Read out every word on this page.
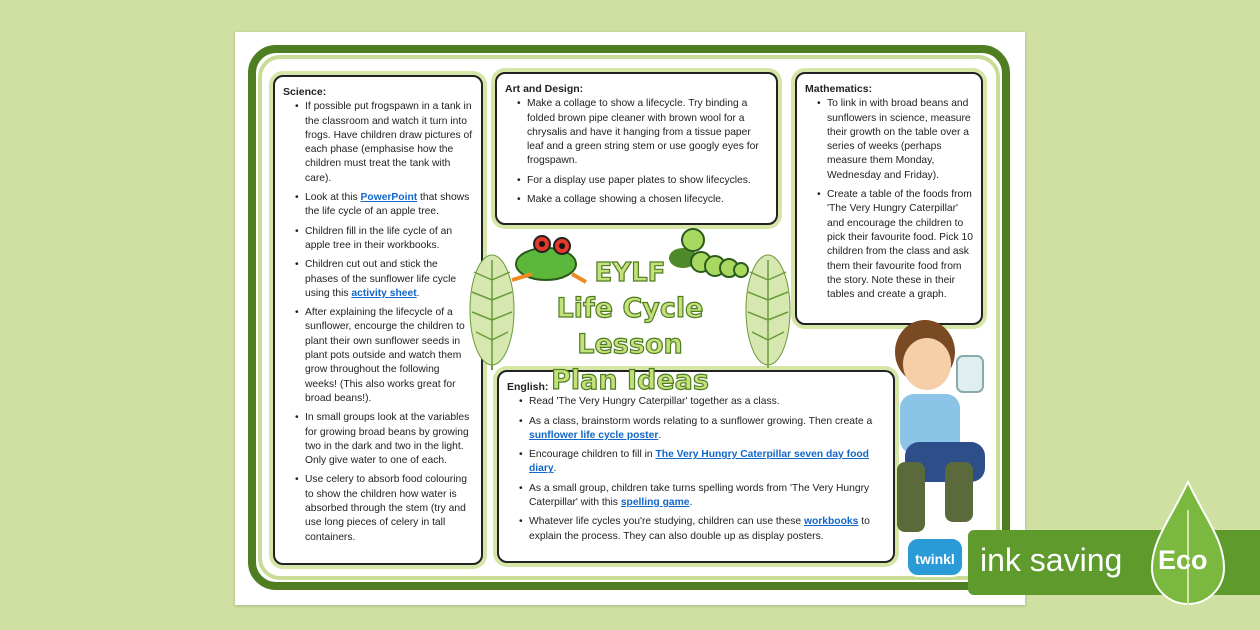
Science:
• If possible put frogspawn in a tank in the classroom and watch it turn into frogs. Have children draw pictures of each phase (emphasise how the children must treat the tank with care).
• Look at this PowerPoint that shows the life cycle of an apple tree.
• Children fill in the life cycle of an apple tree in their workbooks.
• Children cut out and stick the phases of the sunflower life cycle using this activity sheet.
• After explaining the lifecycle of a sunflower, encourge the children to plant their own sunflower seeds in plant pots outside and watch them grow throughout the following weeks! (This also works great for broad beans!).
• In small groups look at the variables for growing broad beans by growing two in the dark and two in the light. Only give water to one of each.
• Use celery to absorb food colouring to show the children how water is absorbed through the stem (try and use long pieces of celery in tall containers.
Art and Design:
• Make a collage to show a lifecycle. Try binding a folded brown pipe cleaner with brown wool for a chrysalis and have it hanging from a tissue paper leaf and a green string stem or use googly eyes for frogspawn.
• For a display use paper plates to show lifecycles.
• Make a collage showing a chosen lifecycle.
Mathematics:
• To link in with broad beans and sunflowers in science, measure their growth on the table over a series of weeks (perhaps measure them Monday, Wednesday and Friday).
• Create a table of the foods from 'The Very Hungry Caterpillar' and encourage the children to pick their favourite food. Pick 10 children from the class and ask them their favourite food from the story. Note these in their tables and create a graph.
English:
• Read 'The Very Hungry Caterpillar' together as a class.
• As a class, brainstorm words relating to a sunflower growing. Then create a sunflower life cycle poster.
• Encourage children to fill in The Very Hungry Caterpillar seven day food diary.
• As a small group, children take turns spelling words from 'The Very Hungry Caterpillar' with this spelling game.
• Whatever life cycles you're studying, children can use these workbooks to explain the process. They can also double up as display posters.
EYLF
Life Cycle Lesson
Plan Ideas
twinkl ink saving Eco
